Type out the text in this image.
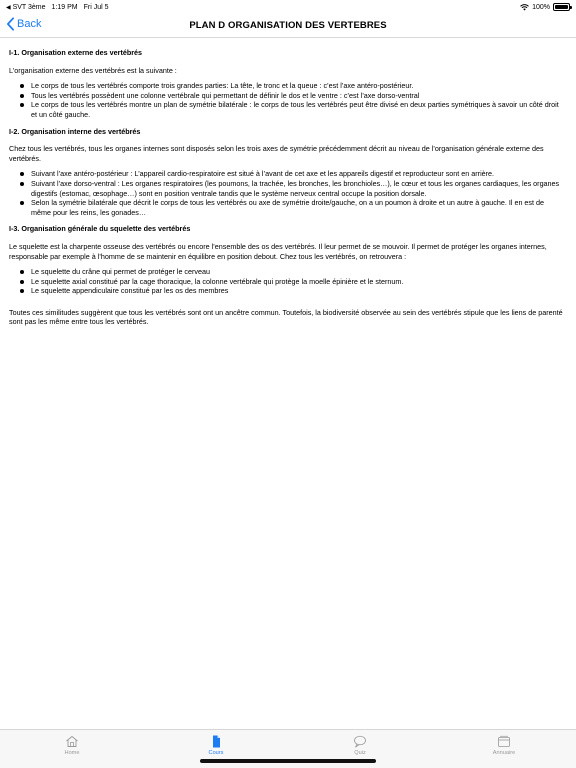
◀ SVT 3ème 1:19 PM Fri Jul 5	100%
Back	PLAN D ORGANISATION DES VERTEBRES
I-1. Organisation externe des vertébrés

L’organisation externe des vertébrés est la suivante :

Le corps de tous les vertébrés comporte trois grandes parties: La tête, le tronc et la queue : c’est l’axe antéro-postérieur.
Tous les vertébrés possèdent une colonne vertébrale qui permettant de définir le dos et le ventre : c’est l’axe dorso-ventral
Le corps de tous les vertébrés montre un plan de symétrie bilatérale : le corps de tous les vertébrés peut être divisé en deux parties symétriques à savoir un côté droit et un côté gauche.
I-2. Organisation interne des vertébrés

Chez tous les vertébrés, tous les organes internes sont disposés selon les trois axes de symétrie précédemment décrit au niveau de l’organisation générale externe des vertébrés.

Suivant l’axe antéro-postérieur : L’appareil cardio-respiratoire est situé à l’avant de cet axe et les appareils digestif et reproducteur sont en arrière.
Suivant l’axe dorso-ventral : Les organes respiratoires (les poumons, la trachée, les bronches, les bronchioles…), le cœur et tous les organes cardiaques, les organes digestifs (estomac, œsophage…) sont en position ventrale tandis que le système nerveux central occupe la position dorsale.
Selon la symétrie bilatérale que décrit le corps de tous les vertébrés ou axe de symétrie droite/gauche, on a un poumon à droite et un autre à gauche. Il en est de même pour les reins, les gonades…
I-3. Organisation générale du squelette des vertébrés

Le squelette est la charpente osseuse des vertébrés ou encore l’ensemble des os des vertébrés. Il leur permet de se mouvoir. Il permet de protéger les organes internes, responsable par exemple à l’homme de se maintenir en équilibre en position debout. Chez tous les vertébrés, on retrouvera :

Le squelette du crâne qui permet de protéger le cerveau
Le squelette axial constitué par la cage thoracique, la colonne vertébrale qui protège la moelle épinière et le sternum.
Le squelette appendiculaire constitué par les os des membres

Toutes ces similitudes suggèrent que tous les vertébrés sont ont un ancêtre commun. Toutefois, la biodiversité observée au sein des vertébrés stipule que les liens de parenté sont pas les même entre tous les vertébrés.

Home	Cours	Quiz	Annuaire
